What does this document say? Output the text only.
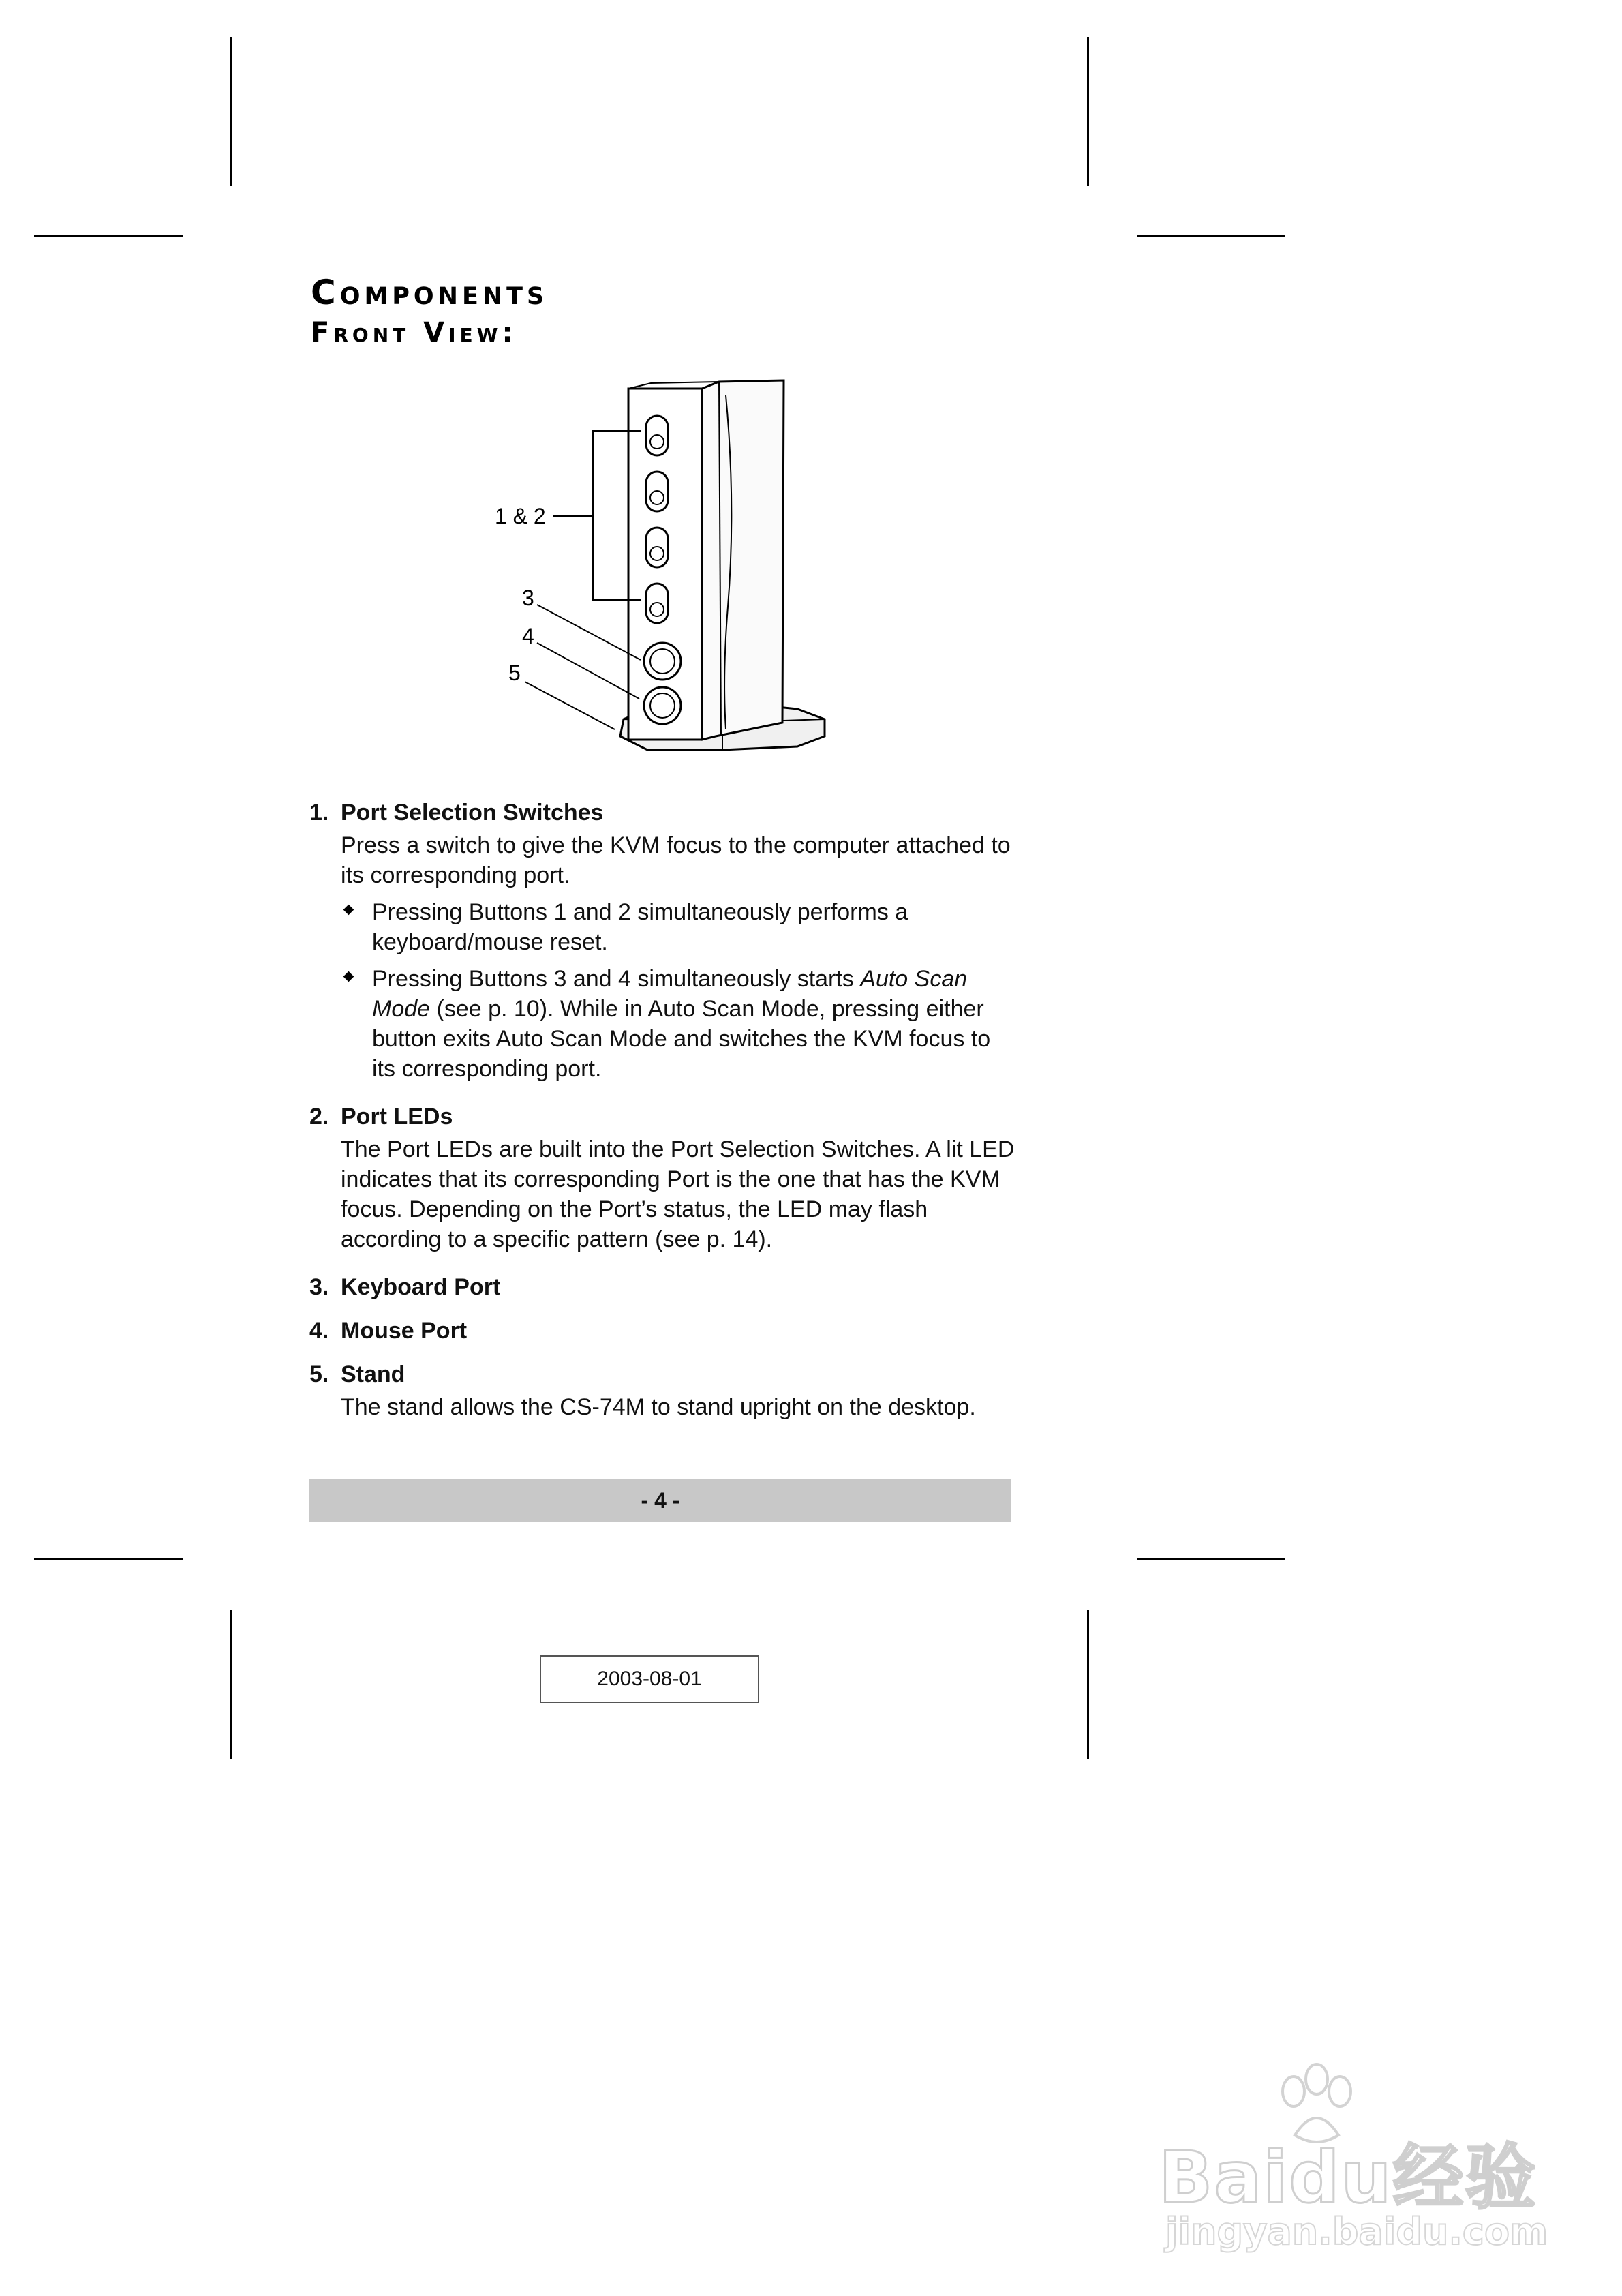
Components
Front View:
1 & 2
3
4
5

1. Port Selection Switches

Press a switch to give the KVM focus to the computer attached to its corresponding port.

Pressing Buttons 1 and 2 simultaneously performs a keyboard/mouse reset.
Pressing Buttons 3 and 4 simultaneously starts Auto Scan Mode (see p. 10). While in Auto Scan Mode, pressing either button exits Auto Scan Mode and switches the KVM focus to its corresponding port.

2. Port LEDs

The Port LEDs are built into the Port Selection Switches. A lit LED indicates that its corresponding Port is the one that has the KVM focus. Depending on the Port’s status, the LED may flash according to a specific pattern (see p. 14).

3. Keyboard Port

4. Mouse Port

5. Stand

The stand allows the CS-74M to stand upright on the desktop.

- 4 -
2003-08-01
Baidu经验
jingyan.baidu.com
